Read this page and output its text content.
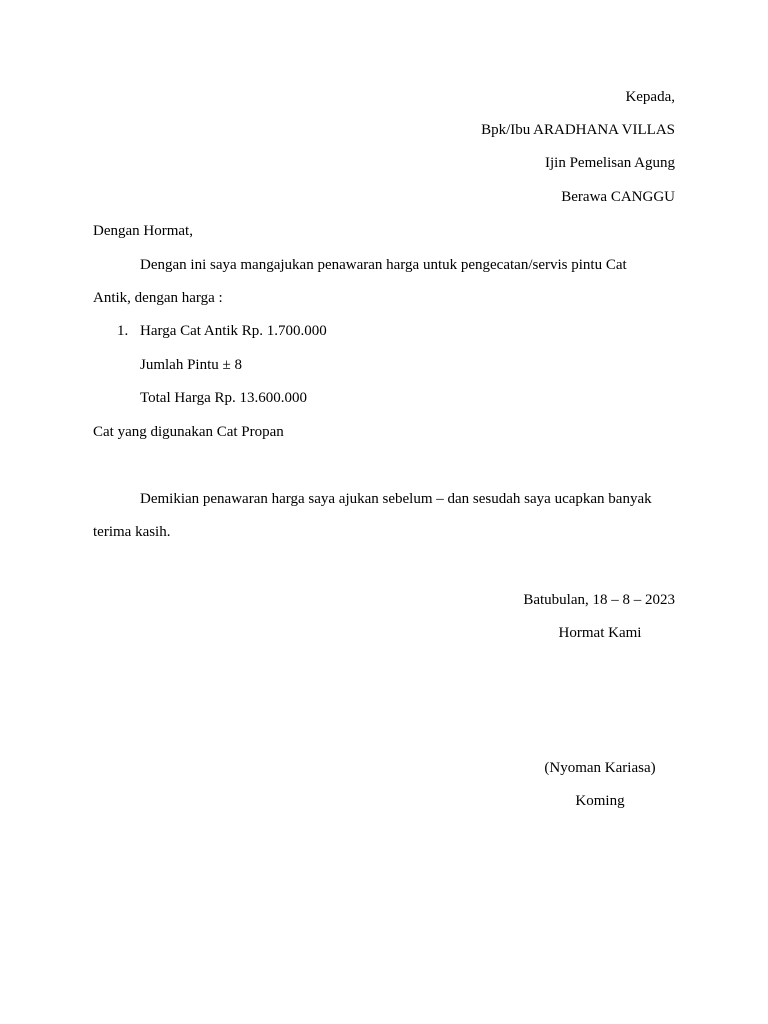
Kepada,
Bpk/Ibu ARADHANA VILLAS
Ijin Pemelisan Agung
Berawa CANGGU
Dengan Hormat,
Dengan ini saya mangajukan penawaran harga untuk pengecatan/servis pintu Cat
Antik, dengan harga :
1. Harga Cat Antik Rp. 1.700.000
Jumlah Pintu ± 8
Total Harga Rp. 13.600.000
Cat yang digunakan Cat Propan
Demikian penawaran harga saya ajukan sebelum – dan sesudah saya ucapkan banyak
terima kasih.
Batubulan, 18 – 8 – 2023
Hormat Kami
(Nyoman Kariasa)
Koming
